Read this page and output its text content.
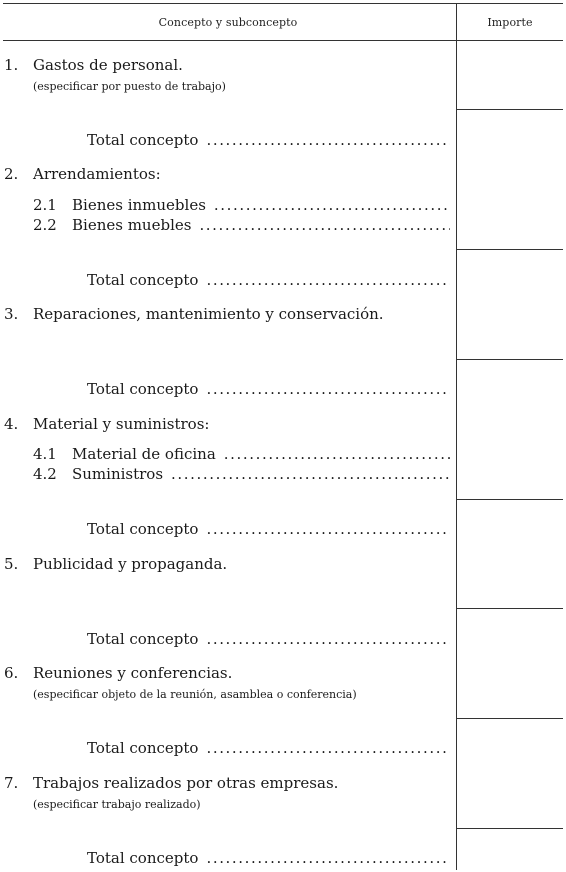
Concepto y subconcepto	Importe
1. Gastos de personal.
(especificar por puesto de trabajo)
Total concepto
.....
2. Arrendamientos:
2.1 Bienes inmuebles
.....
2.2 Bienes muebles
.....
Total concepto
.....
3. Reparaciones, mantenimiento y conservación.
Total concepto
.....
4. Material y suministros:
4.1 Material de oficina
.....
4.2 Suministros
.....
Total concepto
.....
5. Publicidad y propaganda.
Total concepto
.....
6. Reuniones y conferencias.
(especificar objeto de la reunión, asamblea o conferencia)
Total concepto
.....
7. Trabajos realizados por otras empresas.
(especificar trabajo realizado)
Total concepto
.....
